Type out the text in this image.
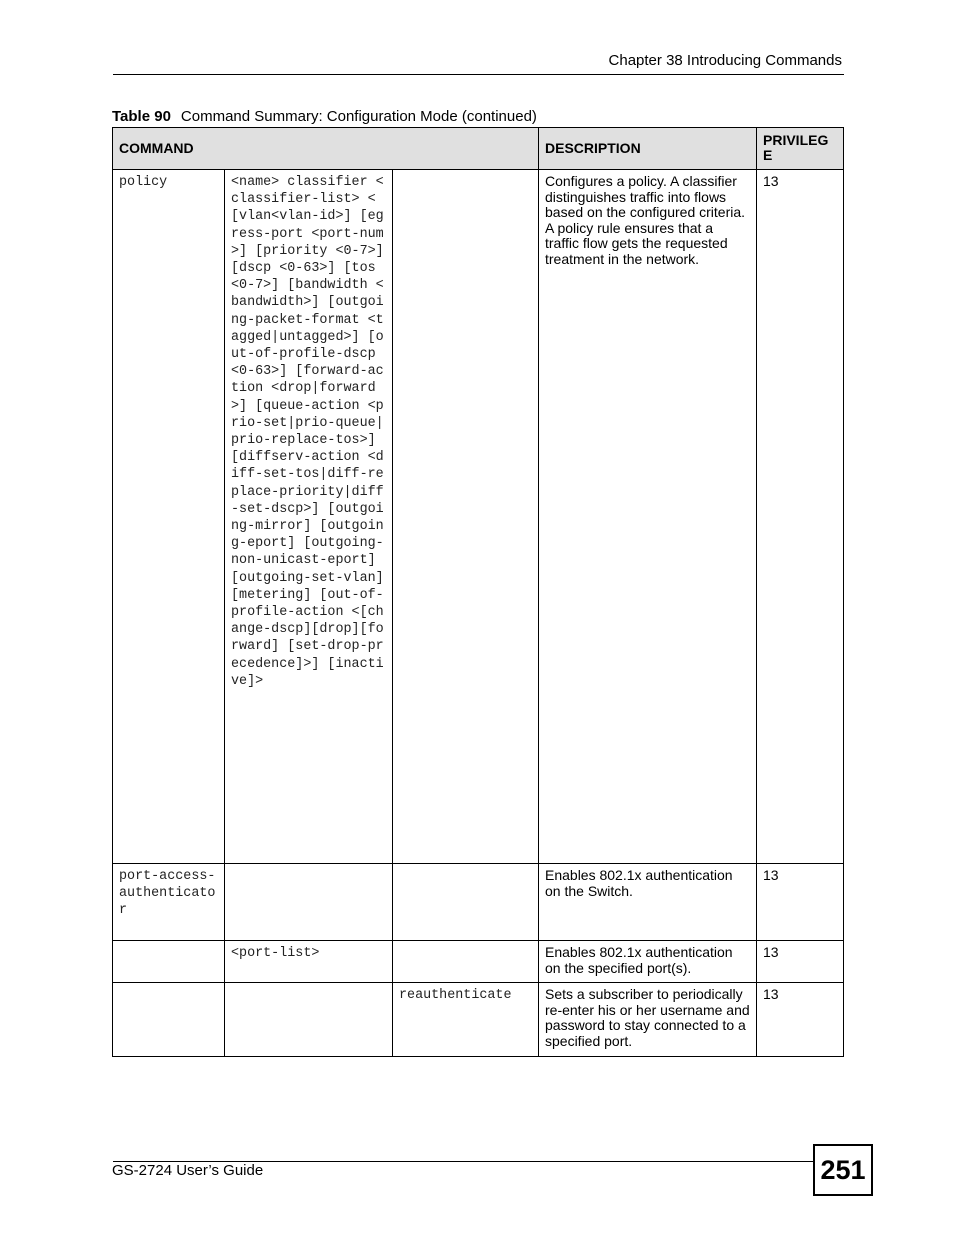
Chapter 38 Introducing Commands
Table 90 Command Summary: Configuration Mode (continued)
COMMAND			DESCRIPTION	PRIVILEGE
policy	<name> classifier <classifier-list> < [vlan<vlan-id>] [egress-port <port-num>] [priority <0-7>] [dscp <0-63>] [tos <0-7>] [bandwidth <bandwidth>] [outgoing-packet-format <tagged|untagged>] [out-of-profile-dscp <0-63>] [forward-action <drop|forward>] [queue-action <prio-set|prio-queue|prio-replace-tos>] [diffserv-action <diff-set-tos|diff-replace-priority|diff-set-dscp>] [outgoing-mirror] [outgoing-eport] [outgoing-non-unicast-eport] [outgoing-set-vlan] [metering] [out-of-profile-action <[change-dscp][drop][forward] [set-drop-precedence]>] [inactive]>		Configures a policy. A classifier distinguishes traffic into flows based on the configured criteria. A policy rule ensures that a traffic flow gets the requested treatment in the network.	13
port-access-authenticator			Enables 802.1x authentication on the Switch.	13
	<port-list>		Enables 802.1x authentication on the specified port(s).	13
		reauthenticate	Sets a subscriber to periodically re-enter his or her username and password to stay connected to a specified port.	13
GS-2724 User’s Guide	251
